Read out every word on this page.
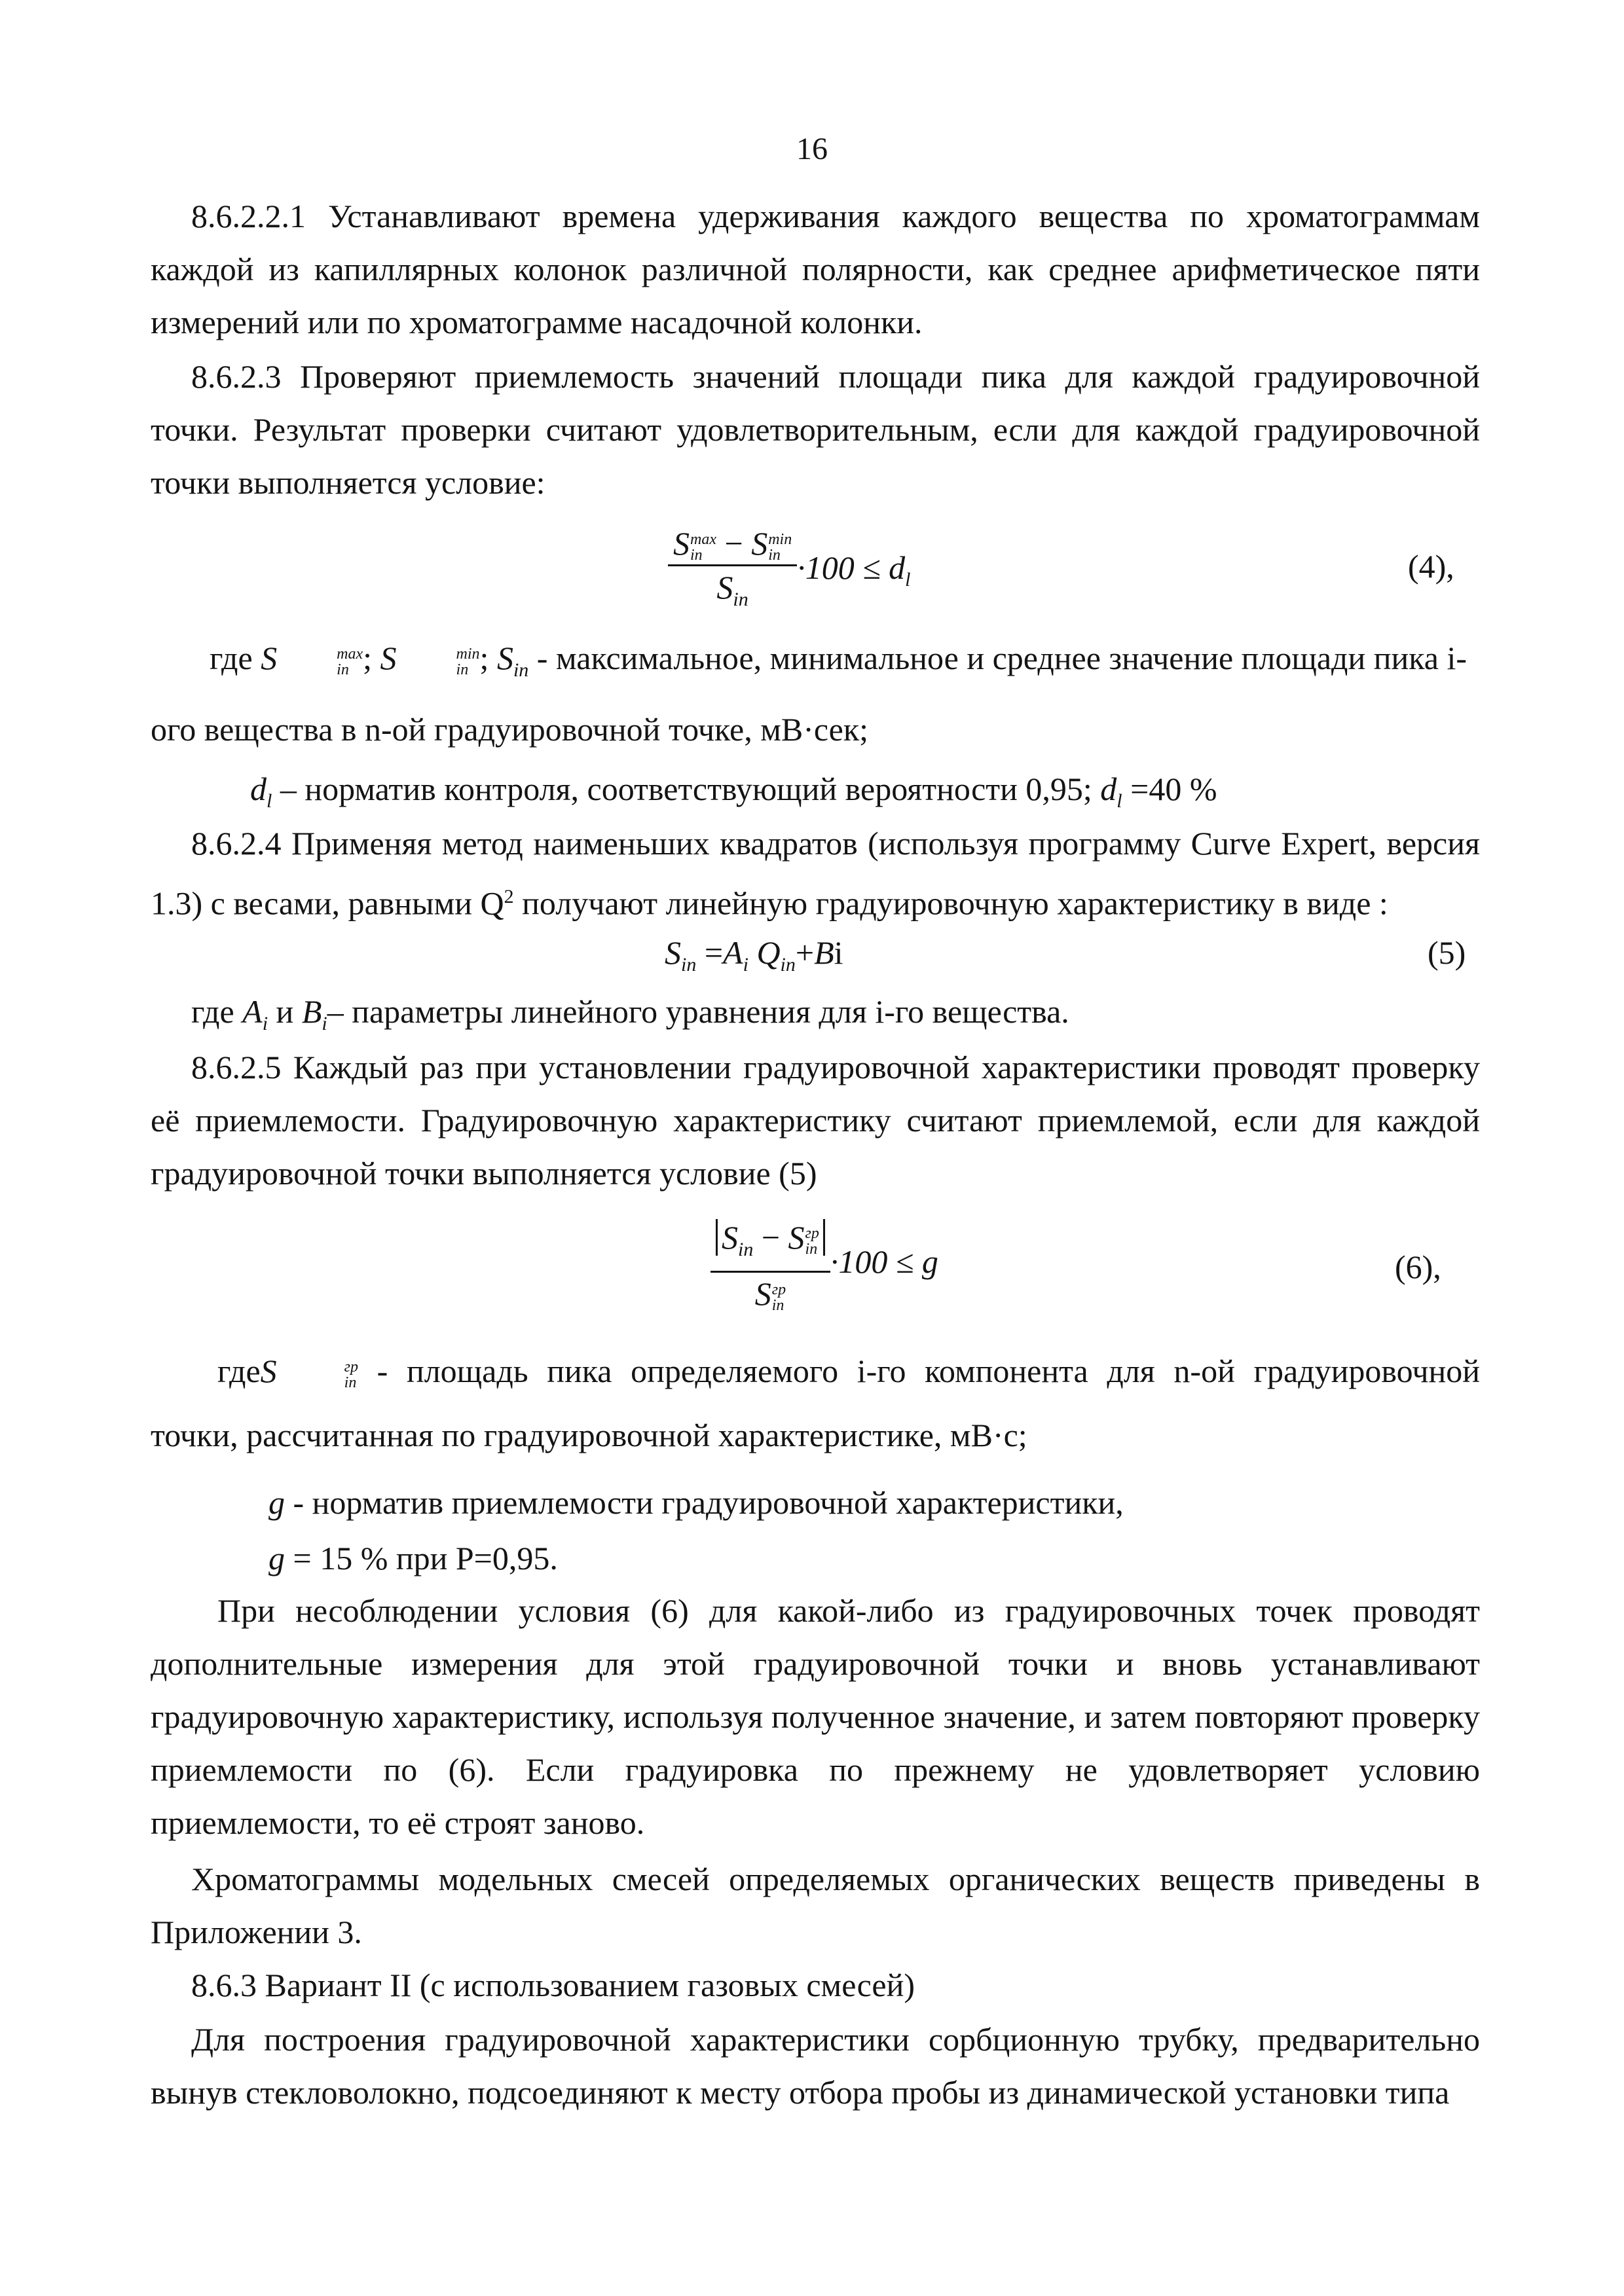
16

8.6.2.2.1 Устанавливают времена удерживания каждого вещества по хроматограммам каждой из капиллярных колонок различной полярности, как среднее арифметическое пяти измерений или по хроматограмме насадочной колонки.

8.6.2.3 Проверяют приемлемость значений площади пика для каждой градуировочной точки. Результат проверки считают удовлетворительным, если для каждой градуировочной точки выполняется условие:

S max
in − S min
in
$S_{in} \cdot 100 \le d_l$	(4),

где S	max
in ; S	min
in ; $S_{in}$ - максимальное, минимальное и среднее значение площади пика i-ого вещества в n-ой градуировочной точке, мВ·сек;

$d_l$ – норматив контроля, соответствующий вероятности 0,95; $d_l =40$ %

8.6.2.4 Применяя метод наименьших квадратов (используя программу Curve Expert, версия 1.3) с весами, равными $Q^2$ получают линейную градуировочную характеристику в виде :

$S_{in} =A_i$ $Q_{in}+Bi$	(5)

где $A_i$ и $B_i-$ параметры линейного уравнения для i-го вещества.

8.6.2.5 Каждый раз при установлении градуировочной характеристики проводят проверку её приемлемости. Градуировочную характеристику считают приемлемой, если для каждой градуировочной точки выполняется условие (5)

$S_{in} - S$ гр
in
S гр
in ·100 ≤ g	(6),

гдеS	гр
in - площадь пика определяемого i-го компонента для n-ой градуировочной точки, рассчитанная по градуировочной характеристике, мВ·с;

g - норматив приемлемости градуировочной характеристики,

g = 15 % при Р=0,95.

При несоблюдении условия (6) для какой-либо из градуировочных точек проводят дополнительные измерения для этой градуировочной точки и вновь устанавливают градуировочную характеристику, используя полученное значение, и затем повторяют проверку приемлемости по (6). Если градуировка по прежнему не удовлетворяет условию приемлемости, то её строят заново.

Хроматограммы модельных смесей определяемых органических веществ приведены в Приложении 3.

8.6.3 Вариант II (с использованием газовых смесей)

Для построения градуировочной характеристики сорбционную трубку, предварительно вынув стекловолокно, подсоединяют к месту отбора пробы из динамической установки типа
